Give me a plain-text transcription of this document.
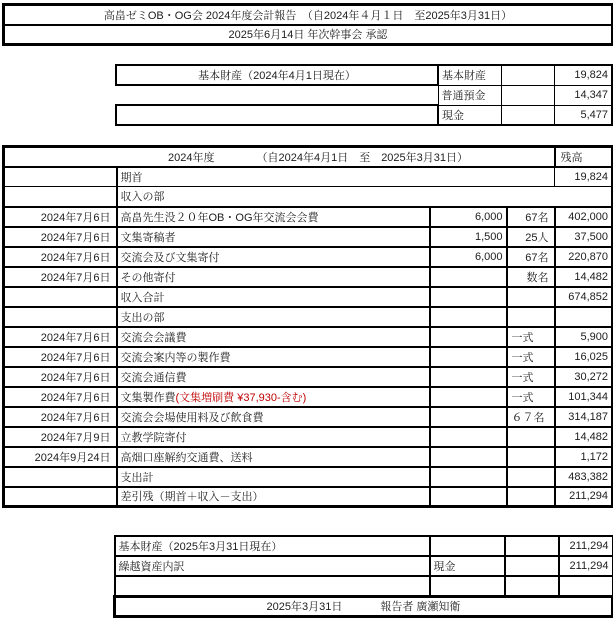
高畠ゼミOB・OG会 2024年度会計報告　（自2024年４月１日　至2025年3月31日）
2025年6月14日 年次幹事会 承認
基本財産（2024年4月1日現在）	基本財産		19,824
	普通預金		14,347
	現金		5,477
2024年度 （自2024年4月1日　至　2025年3月31日）				残高
	期首			19,824
	収入の部			
2024年7月6日	高畠先生没２０年OB・OG年交流会会費	6,000	67名	402,000
2024年7月6日	文集寄稿者	1,500	25人	37,500
2024年7月6日	交流会及び文集寄付	6,000	67名	220,870
2024年7月6日	その他寄付		数名	14,482
	収入合計			674,852
	支出の部			
2024年7月6日	交流会会議費		一式	5,900
2024年7月6日	交流会案内等の製作費		一式	16,025
2024年7月6日	交流会通信費		一式	30,272
2024年7月6日	文集製作費(文集増刷費 ¥37,930-含む)		一式	101,344
2024年7月6日	交流会会場使用料及び飲食費		６７名	314,187
2024年7月9日	立教学院寄付			14,482
2024年9月24日	高畑口座解約交通費、送料			1,172
	支出計			483,382
	差引残（期首＋収入－支出）			211,294
基本財産（2025年3月31日現在）			211,294
繰越資産内訳	現金		211,294

2025年3月31日 報告者 廣瀬知衛			
